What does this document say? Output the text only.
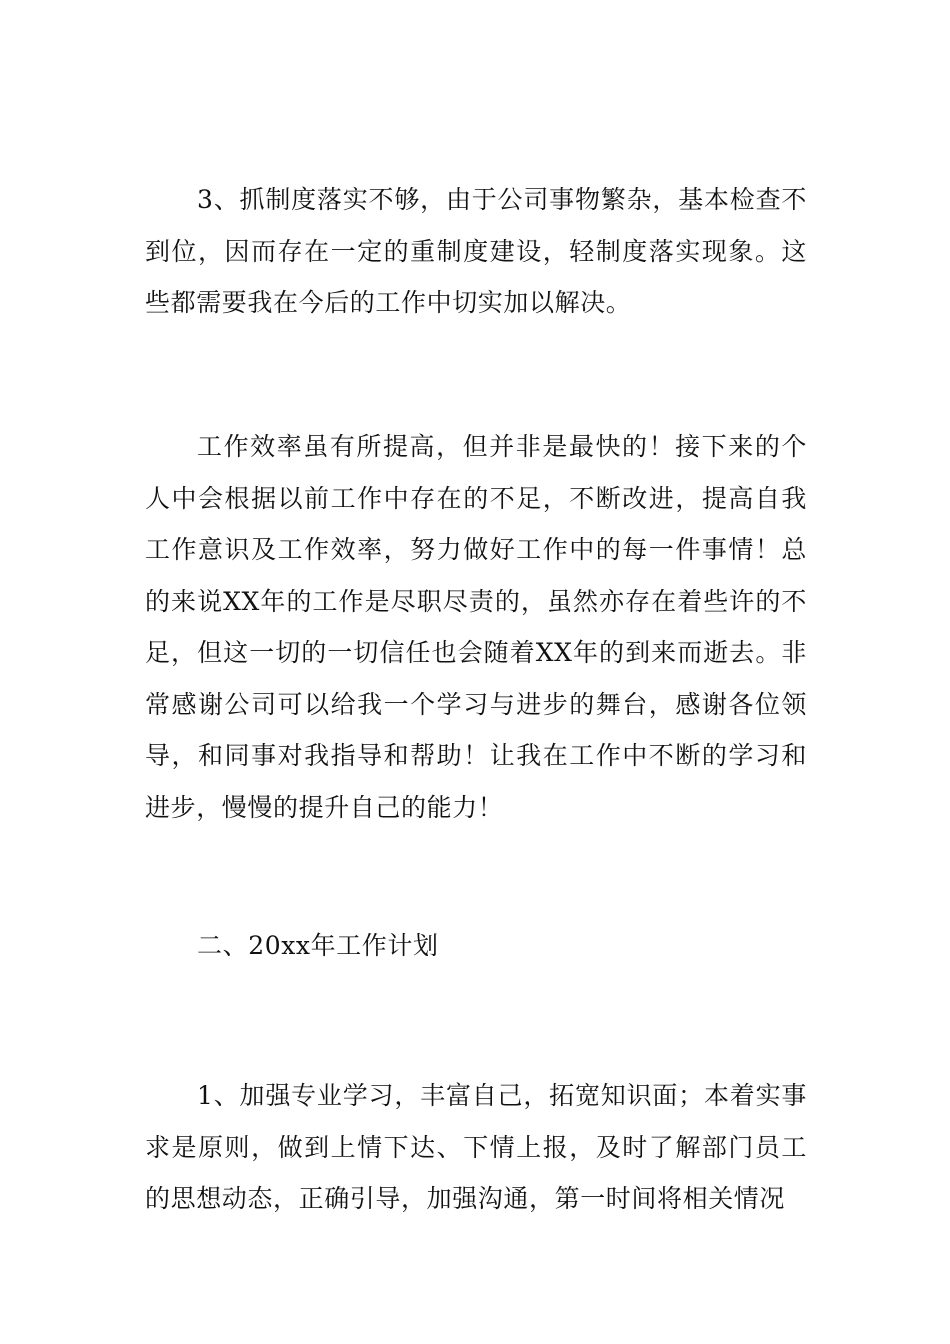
3、抓制度落实不够，由于公司事物繁杂，基本检查不到位，因而存在一定的重制度建设，轻制度落实现象。这些都需要我在今后的工作中切实加以解决。

工作效率虽有所提高，但并非是最快的！接下来的个人中会根据以前工作中存在的不足，不断改进，提高自我工作意识及工作效率，努力做好工作中的每一件事情！总的来说XX年的工作是尽职尽责的，虽然亦存在着些许的不足，但这一切的一切信任也会随着XX年的到来而逝去。非常感谢公司可以给我一个学习与进步的舞台，感谢各位领导，和同事对我指导和帮助！让我在工作中不断的学习和进步，慢慢的提升自己的能力！

二、20xx年工作计划

1、加强专业学习，丰富自己，拓宽知识面；本着实事求是原则，做到上情下达、下情上报，及时了解部门员工的思想动态，正确引导，加强沟通，第一时间将相关情况
